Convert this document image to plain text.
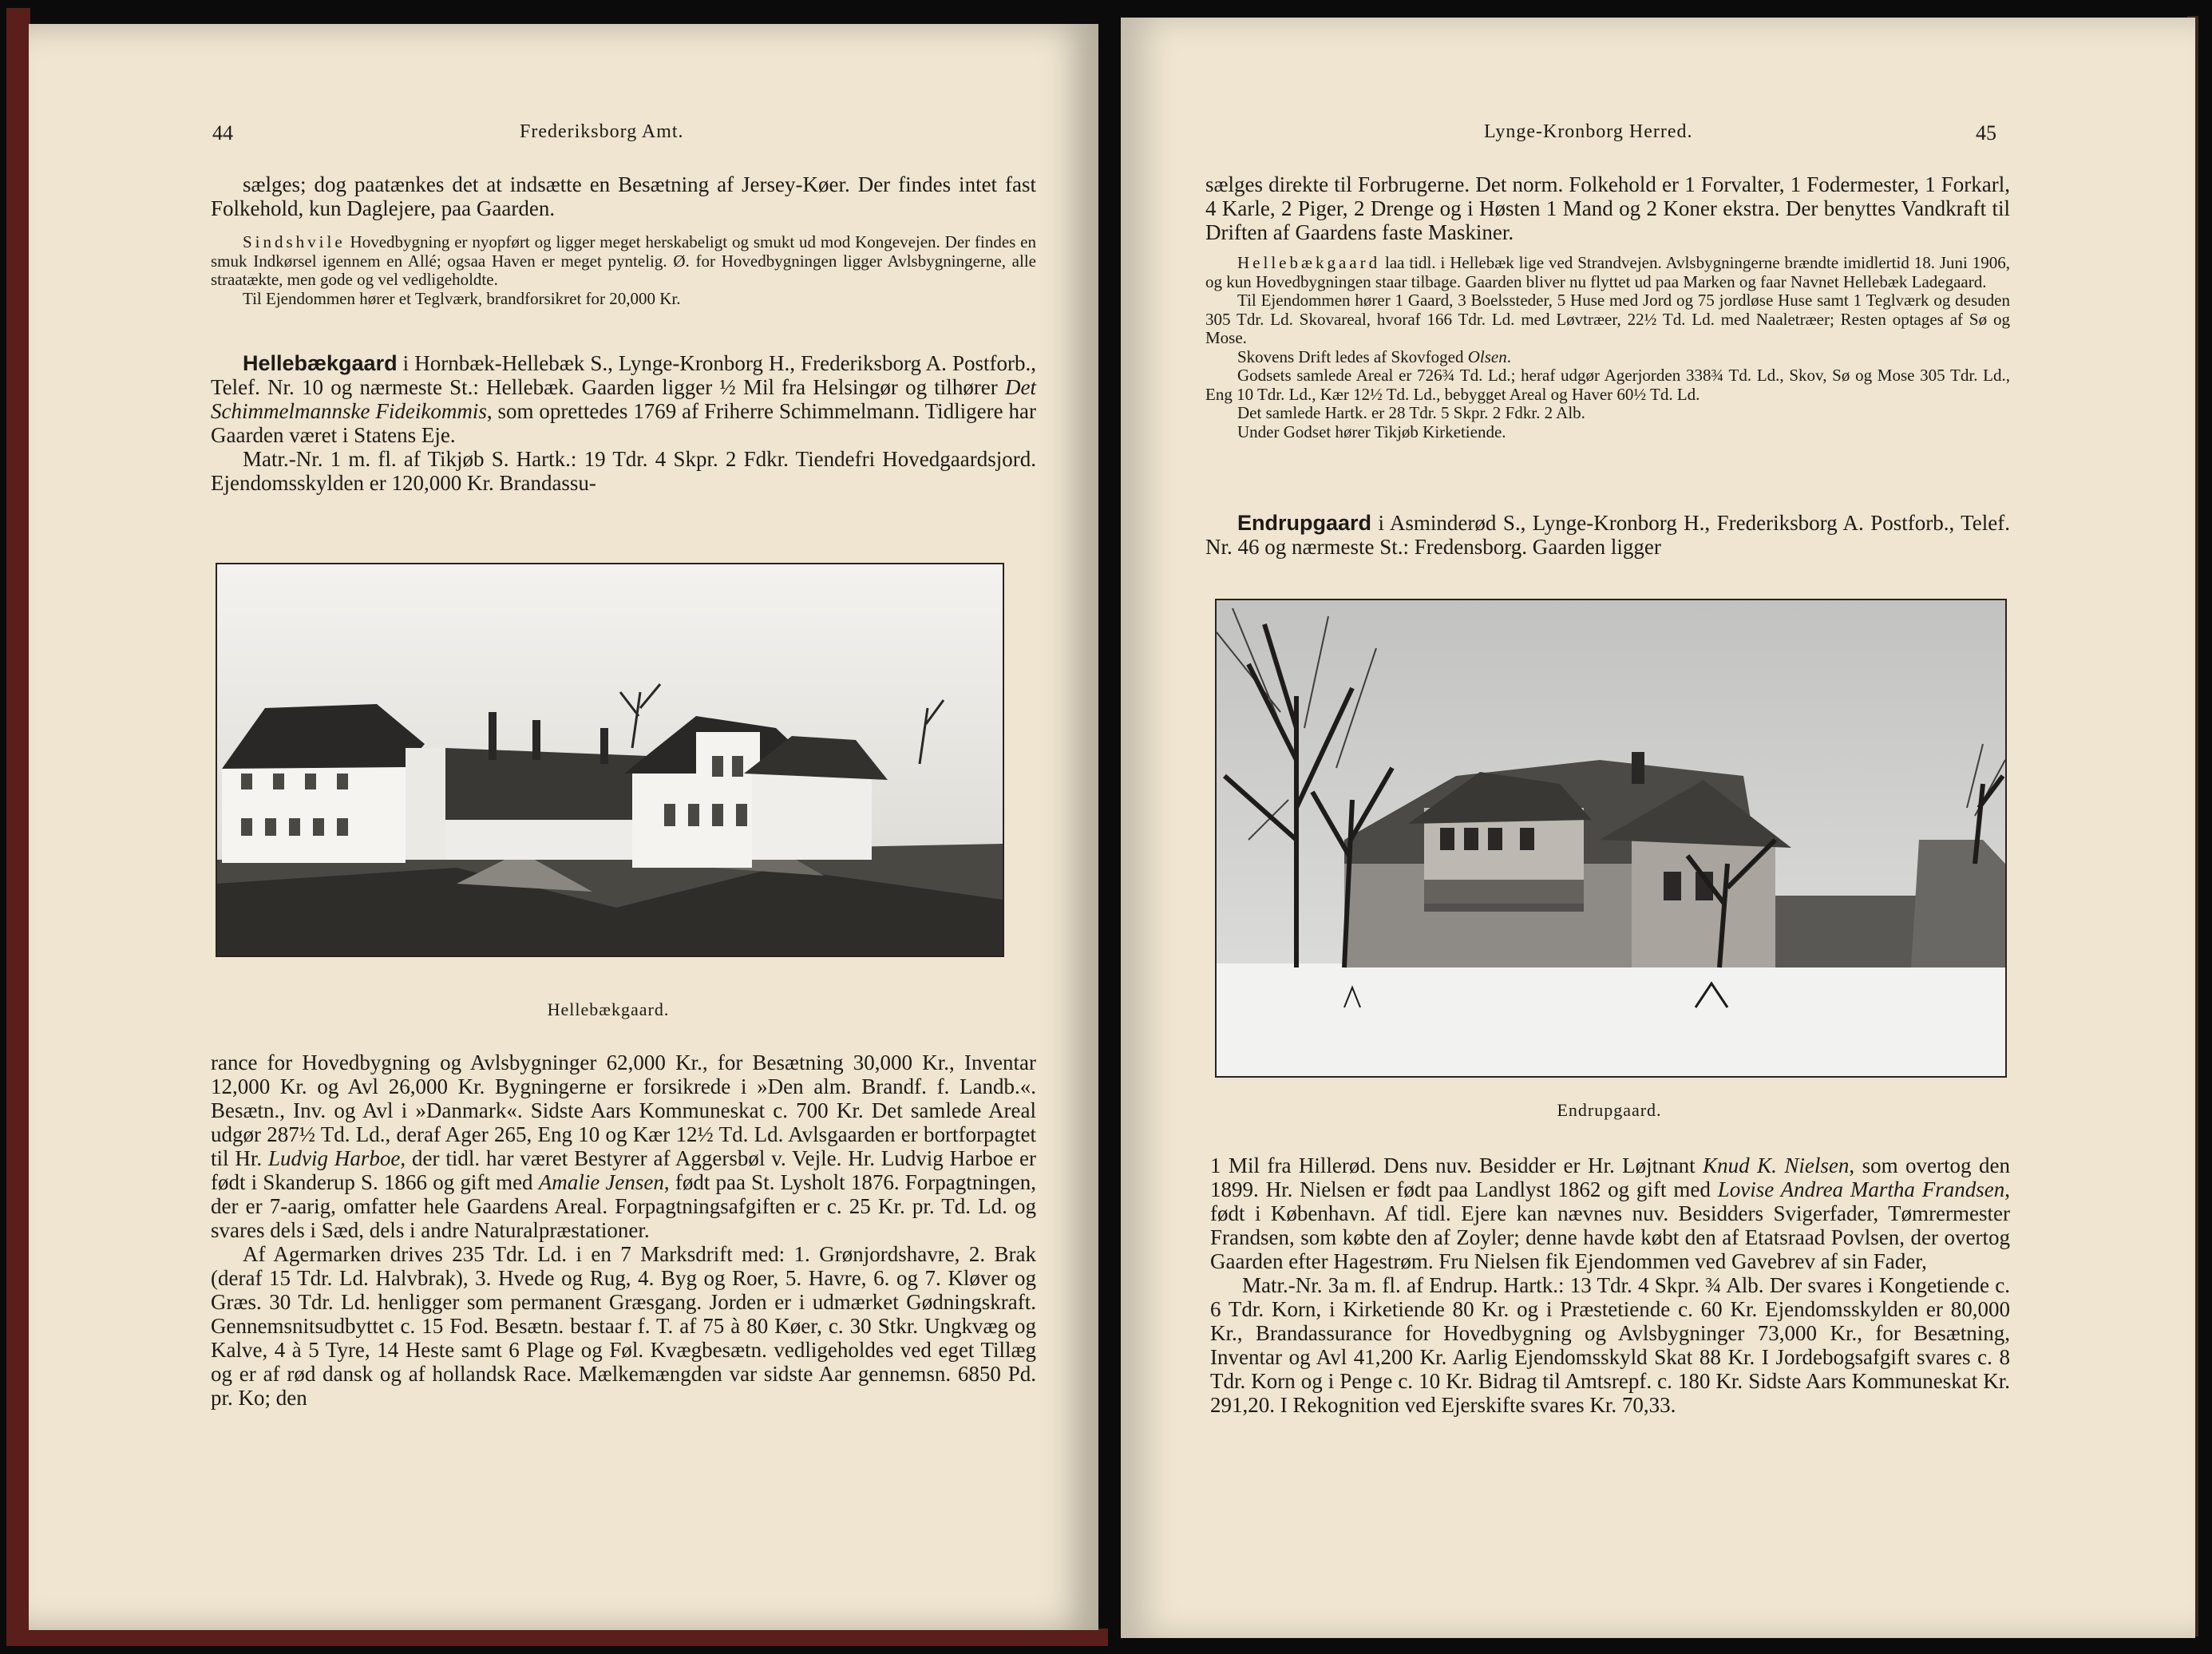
44	Frederiksborg Amt.

sælges; dog paatænkes det at indsætte en Besætning af Jersey-Køer. Der findes intet fast Folkehold, kun Daglejere, paa Gaarden.

Sindshvile Hovedbygning er nyopført og ligger meget herskabeligt og smukt ud mod Kongevejen. Der findes en smuk Indkørsel igennem en Allé; ogsaa Haven er meget pyntelig. Ø. for Hovedbygningen ligger Avlsbygningerne, alle straatækte, men gode og vel vedligeholdte.

Til Ejendommen hører et Teglværk, brandforsikret for 20,000 Kr.

Hellebækgaard i Hornbæk-Hellebæk S., Lynge-Kronborg H., Frederiksborg A. Postforb., Telef. Nr. 10 og nærmeste St.: Hellebæk. Gaarden ligger ½ Mil fra Helsingør og tilhører Det Schimmelmannske Fideikommis, som oprettedes 1769 af Friherre Schimmelmann. Tidligere har Gaarden været i Statens Eje.

Matr.-Nr. 1 m. fl. af Tikjøb S. Hartk.: 19 Tdr. 4 Skpr. 2 Fdkr. Tiendefri Hovedgaardsjord. Ejendomsskylden er 120,000 Kr. Brandassu-

Hellebækgaard.

rance for Hovedbygning og Avlsbygninger 62,000 Kr., for Besætning 30,000 Kr., Inventar 12,000 Kr. og Avl 26,000 Kr. Bygningerne er forsikrede i »Den alm. Brandf. f. Landb.«. Besætn., Inv. og Avl i »Danmark«. Sidste Aars Kommuneskat c. 700 Kr. Det samlede Areal udgør 287½ Td. Ld., deraf Ager 265, Eng 10 og Kær 12½ Td. Ld. Avlsgaarden er bortforpagtet til Hr. Ludvig Harboe, der tidl. har været Bestyrer af Aggersbøl v. Vejle. Hr. Ludvig Harboe er født i Skanderup S. 1866 og gift med Amalie Jensen, født paa St. Lysholt 1876. Forpagtningen, der er 7-aarig, omfatter hele Gaardens Areal. Forpagtningsafgiften er c. 25 Kr. pr. Td. Ld. og svares dels i Sæd, dels i andre Naturalpræstationer.

Af Agermarken drives 235 Tdr. Ld. i en 7 Marksdrift med: 1. Grønjordshavre, 2. Brak (deraf 15 Tdr. Ld. Halvbrak), 3. Hvede og Rug, 4. Byg og Roer, 5. Havre, 6. og 7. Kløver og Græs. 30 Tdr. Ld. henligger som permanent Græsgang. Jorden er i udmærket Gødningskraft. Gennemsnitsudbyttet c. 15 Fod. Besætn. bestaar f. T. af 75 à 80 Køer, c. 30 Stkr. Ungkvæg og Kalve, 4 à 5 Tyre, 14 Heste samt 6 Plage og Føl. Kvægbesætn. vedligeholdes ved eget Tillæg og er af rød dansk og af hollandsk Race. Mælkemængden var sidste Aar gennemsn. 6850 Pd. pr. Ko; den

Lynge-Kronborg Herred.	45

sælges direkte til Forbrugerne. Det norm. Folkehold er 1 Forvalter, 1 Fodermester, 1 Forkarl, 4 Karle, 2 Piger, 2 Drenge og i Høsten 1 Mand og 2 Koner ekstra. Der benyttes Vandkraft til Driften af Gaardens faste Maskiner.

Hellebækgaard laa tidl. i Hellebæk lige ved Strandvejen. Avlsbygningerne brændte imidlertid 18. Juni 1906, og kun Hovedbygningen staar tilbage. Gaarden bliver nu flyttet ud paa Marken og faar Navnet Hellebæk Ladegaard.

Til Ejendommen hører 1 Gaard, 3 Boelssteder, 5 Huse med Jord og 75 jordløse Huse samt 1 Teglværk og desuden 305 Tdr. Ld. Skovareal, hvoraf 166 Tdr. Ld. med Løvtræer, 22½ Td. Ld. med Naaletræer; Resten optages af Sø og Mose.

Skovens Drift ledes af Skovfoged Olsen.

Godsets samlede Areal er 726¾ Td. Ld.; heraf udgør Agerjorden 338¾ Td. Ld., Skov, Sø og Mose 305 Tdr. Ld., Eng 10 Tdr. Ld., Kær 12½ Td. Ld., bebygget Areal og Haver 60½ Td. Ld.

Det samlede Hartk. er 28 Tdr. 5 Skpr. 2 Fdkr. 2 Alb.

Under Godset hører Tikjøb Kirketiende.

Endrupgaard i Asminderød S., Lynge-Kronborg H., Frederiksborg A. Postforb., Telef. Nr. 46 og nærmeste St.: Fredensborg. Gaarden ligger

Endrupgaard.

1 Mil fra Hillerød. Dens nuv. Besidder er Hr. Løjtnant Knud K. Nielsen, som overtog den 1899. Hr. Nielsen er født paa Landlyst 1862 og gift med Lovise Andrea Martha Frandsen, født i København. Af tidl. Ejere kan nævnes nuv. Besidders Svigerfader, Tømrermester Frandsen, som købte den af Zoyler; denne havde købt den af Etatsraad Povlsen, der overtog Gaarden efter Hagestrøm. Fru Nielsen fik Ejendommen ved Gavebrev af sin Fader,

Matr.-Nr. 3a m. fl. af Endrup. Hartk.: 13 Tdr. 4 Skpr. ¾ Alb. Der svares i Kongetiende c. 6 Tdr. Korn, i Kirketiende 80 Kr. og i Præstetiende c. 60 Kr. Ejendomsskylden er 80,000 Kr., Brandassurance for Hovedbygning og Avlsbygninger 73,000 Kr., for Besætning, Inventar og Avl 41,200 Kr. Aarlig Ejendomsskyld Skat 88 Kr. I Jordebogsafgift svares c. 8 Tdr. Korn og i Penge c. 10 Kr. Bidrag til Amtsrepf. c. 180 Kr. Sidste Aars Kommuneskat Kr. 291,20. I Rekognition ved Ejerskifte svares Kr. 70,33.
